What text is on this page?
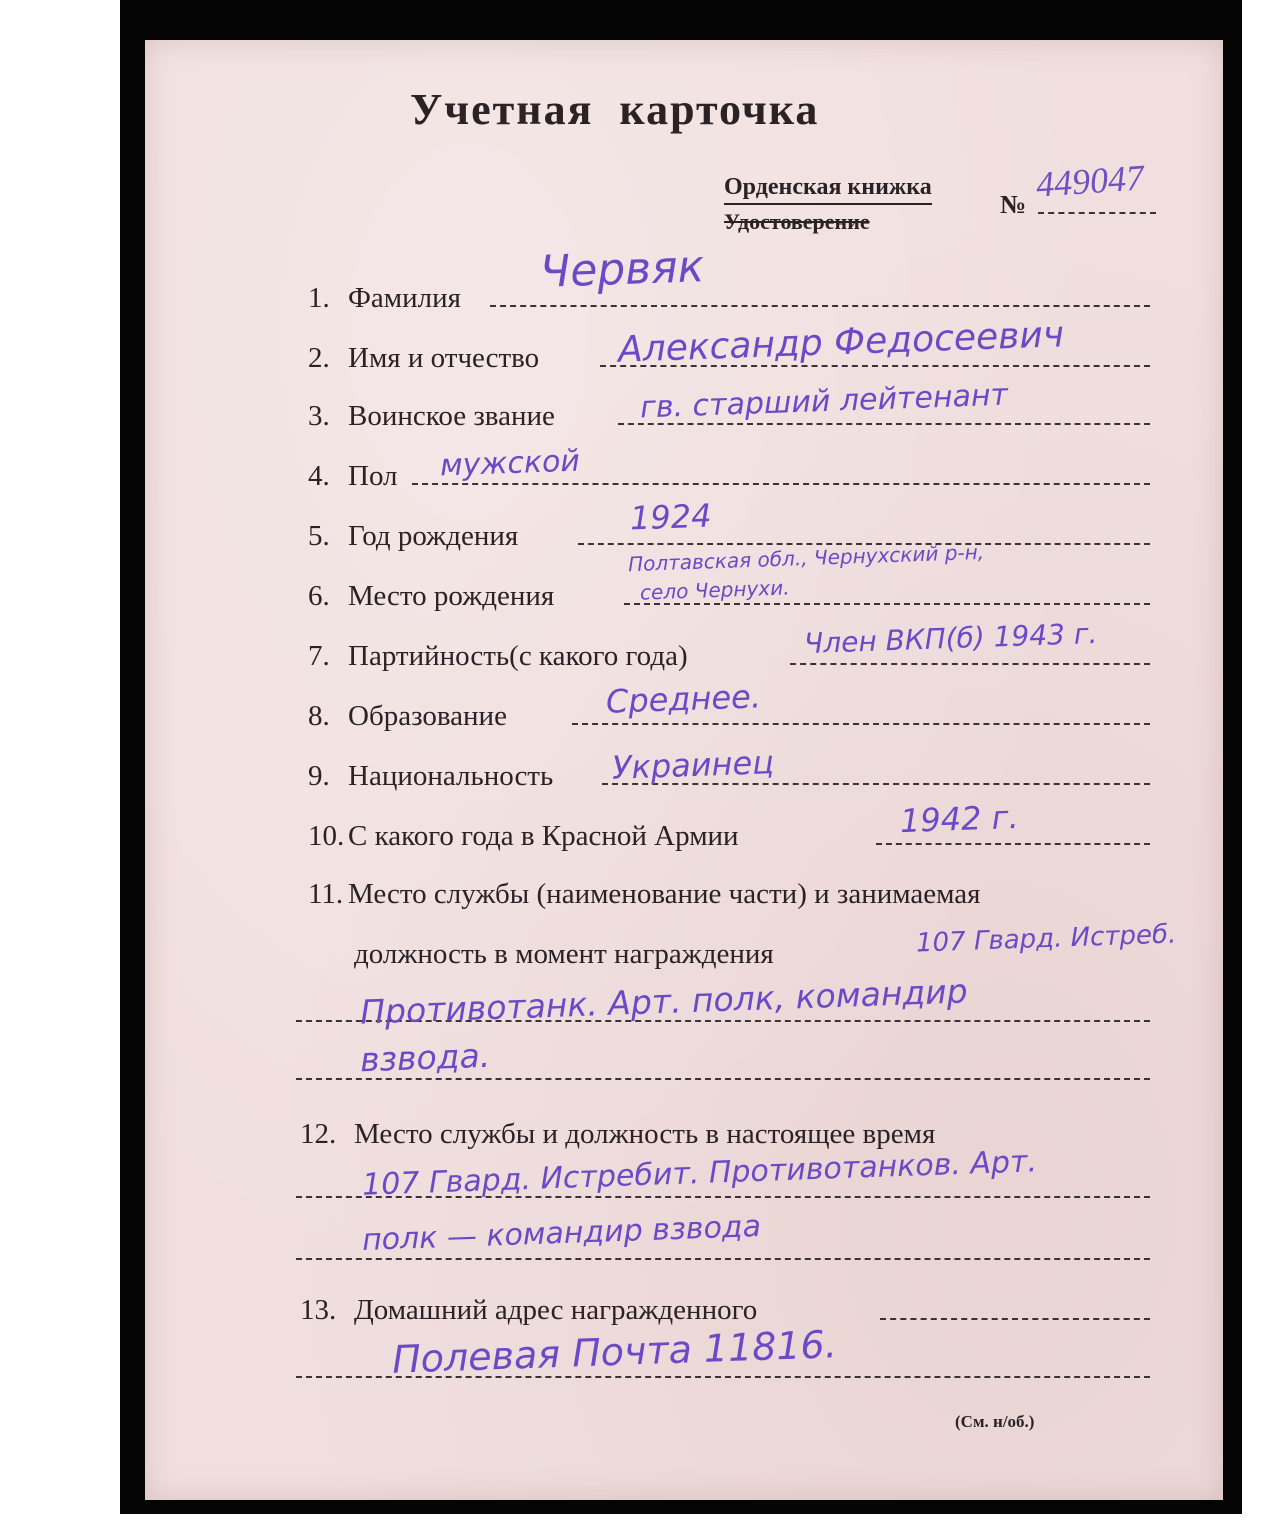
Учетная карточка
Орденская книжка
Удостоверение
№ 449047
1. Фамилия
Червяк
2. Имя и отчество Александр Федосеевич
3. Воинское звание	гв. старший лейтенант
4. Пол мужской
5. Год рождения	1924
6. Место рождения
Полтавская обл., Чернухский р-н,
село Чернухи.
7. Партийность(с какого года)	Член ВКП(б) 1943 г.
8. Образование	Среднее.
9. Национальность Украинец
10. С какого года в Красной Армии	1942 г.
11. Место службы (наименование части) и занимаемая
должность в момент награждения	107 Гвард. Истреб.
Противотанк. Арт. полк, командир
взвода.
12. Место службы и должность в настоящее время
107 Гвард. Истребит. Противотанков. Арт.
полк — командир взвода
13. Домашний адрес награжденного
Полевая Почта 11816.
(См. н/об.)
